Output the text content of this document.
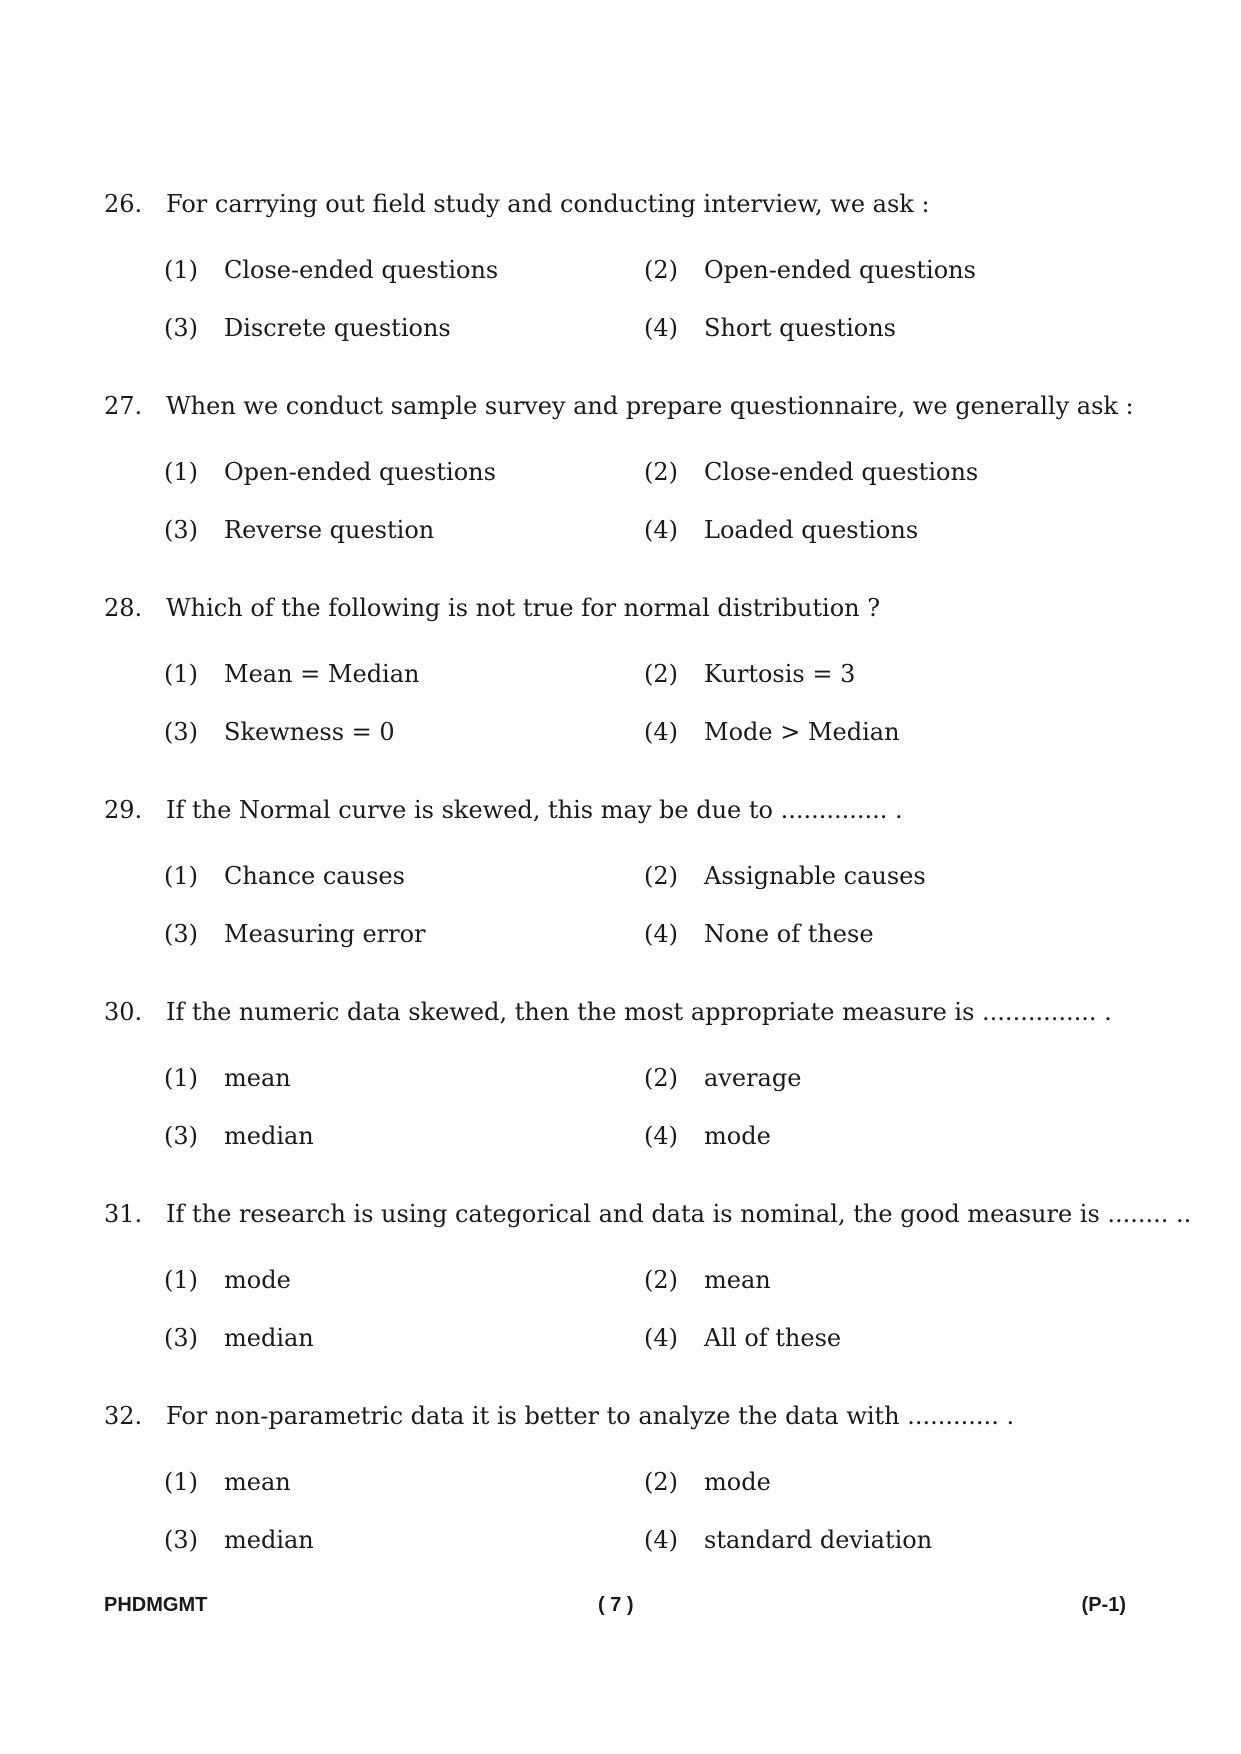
26. For carrying out field study and conducting interview, we ask :
(1) Close-ended questions	(2) Open-ended questions
(3) Discrete questions	(4) Short questions
27. When we conduct sample survey and prepare questionnaire, we generally ask :
(1) Open-ended questions	(2) Close-ended questions
(3) Reverse question	(4) Loaded questions
28. Which of the following is not true for normal distribution ?
(1) Mean = Median	(2) Kurtosis = 3
(3) Skewness = 0	(4) Mode > Median
29. If the Normal curve is skewed, this may be due to .............. .
(1) Chance causes	(2) Assignable causes
(3) Measuring error	(4) None of these
30. If the numeric data skewed, then the most appropriate measure is ............... .
(1) mean	(2) average
(3) median	(4) mode
31. If the research is using categorical and data is nominal, the good measure is ........ ..
(1) mode	(2) mean
(3) median	(4) All of these
32. For non-parametric data it is better to analyze the data with ............ .
(1) mean	(2) mode
(3) median	(4) standard deviation
PHDMGMT	( 7 )	(P-1)
